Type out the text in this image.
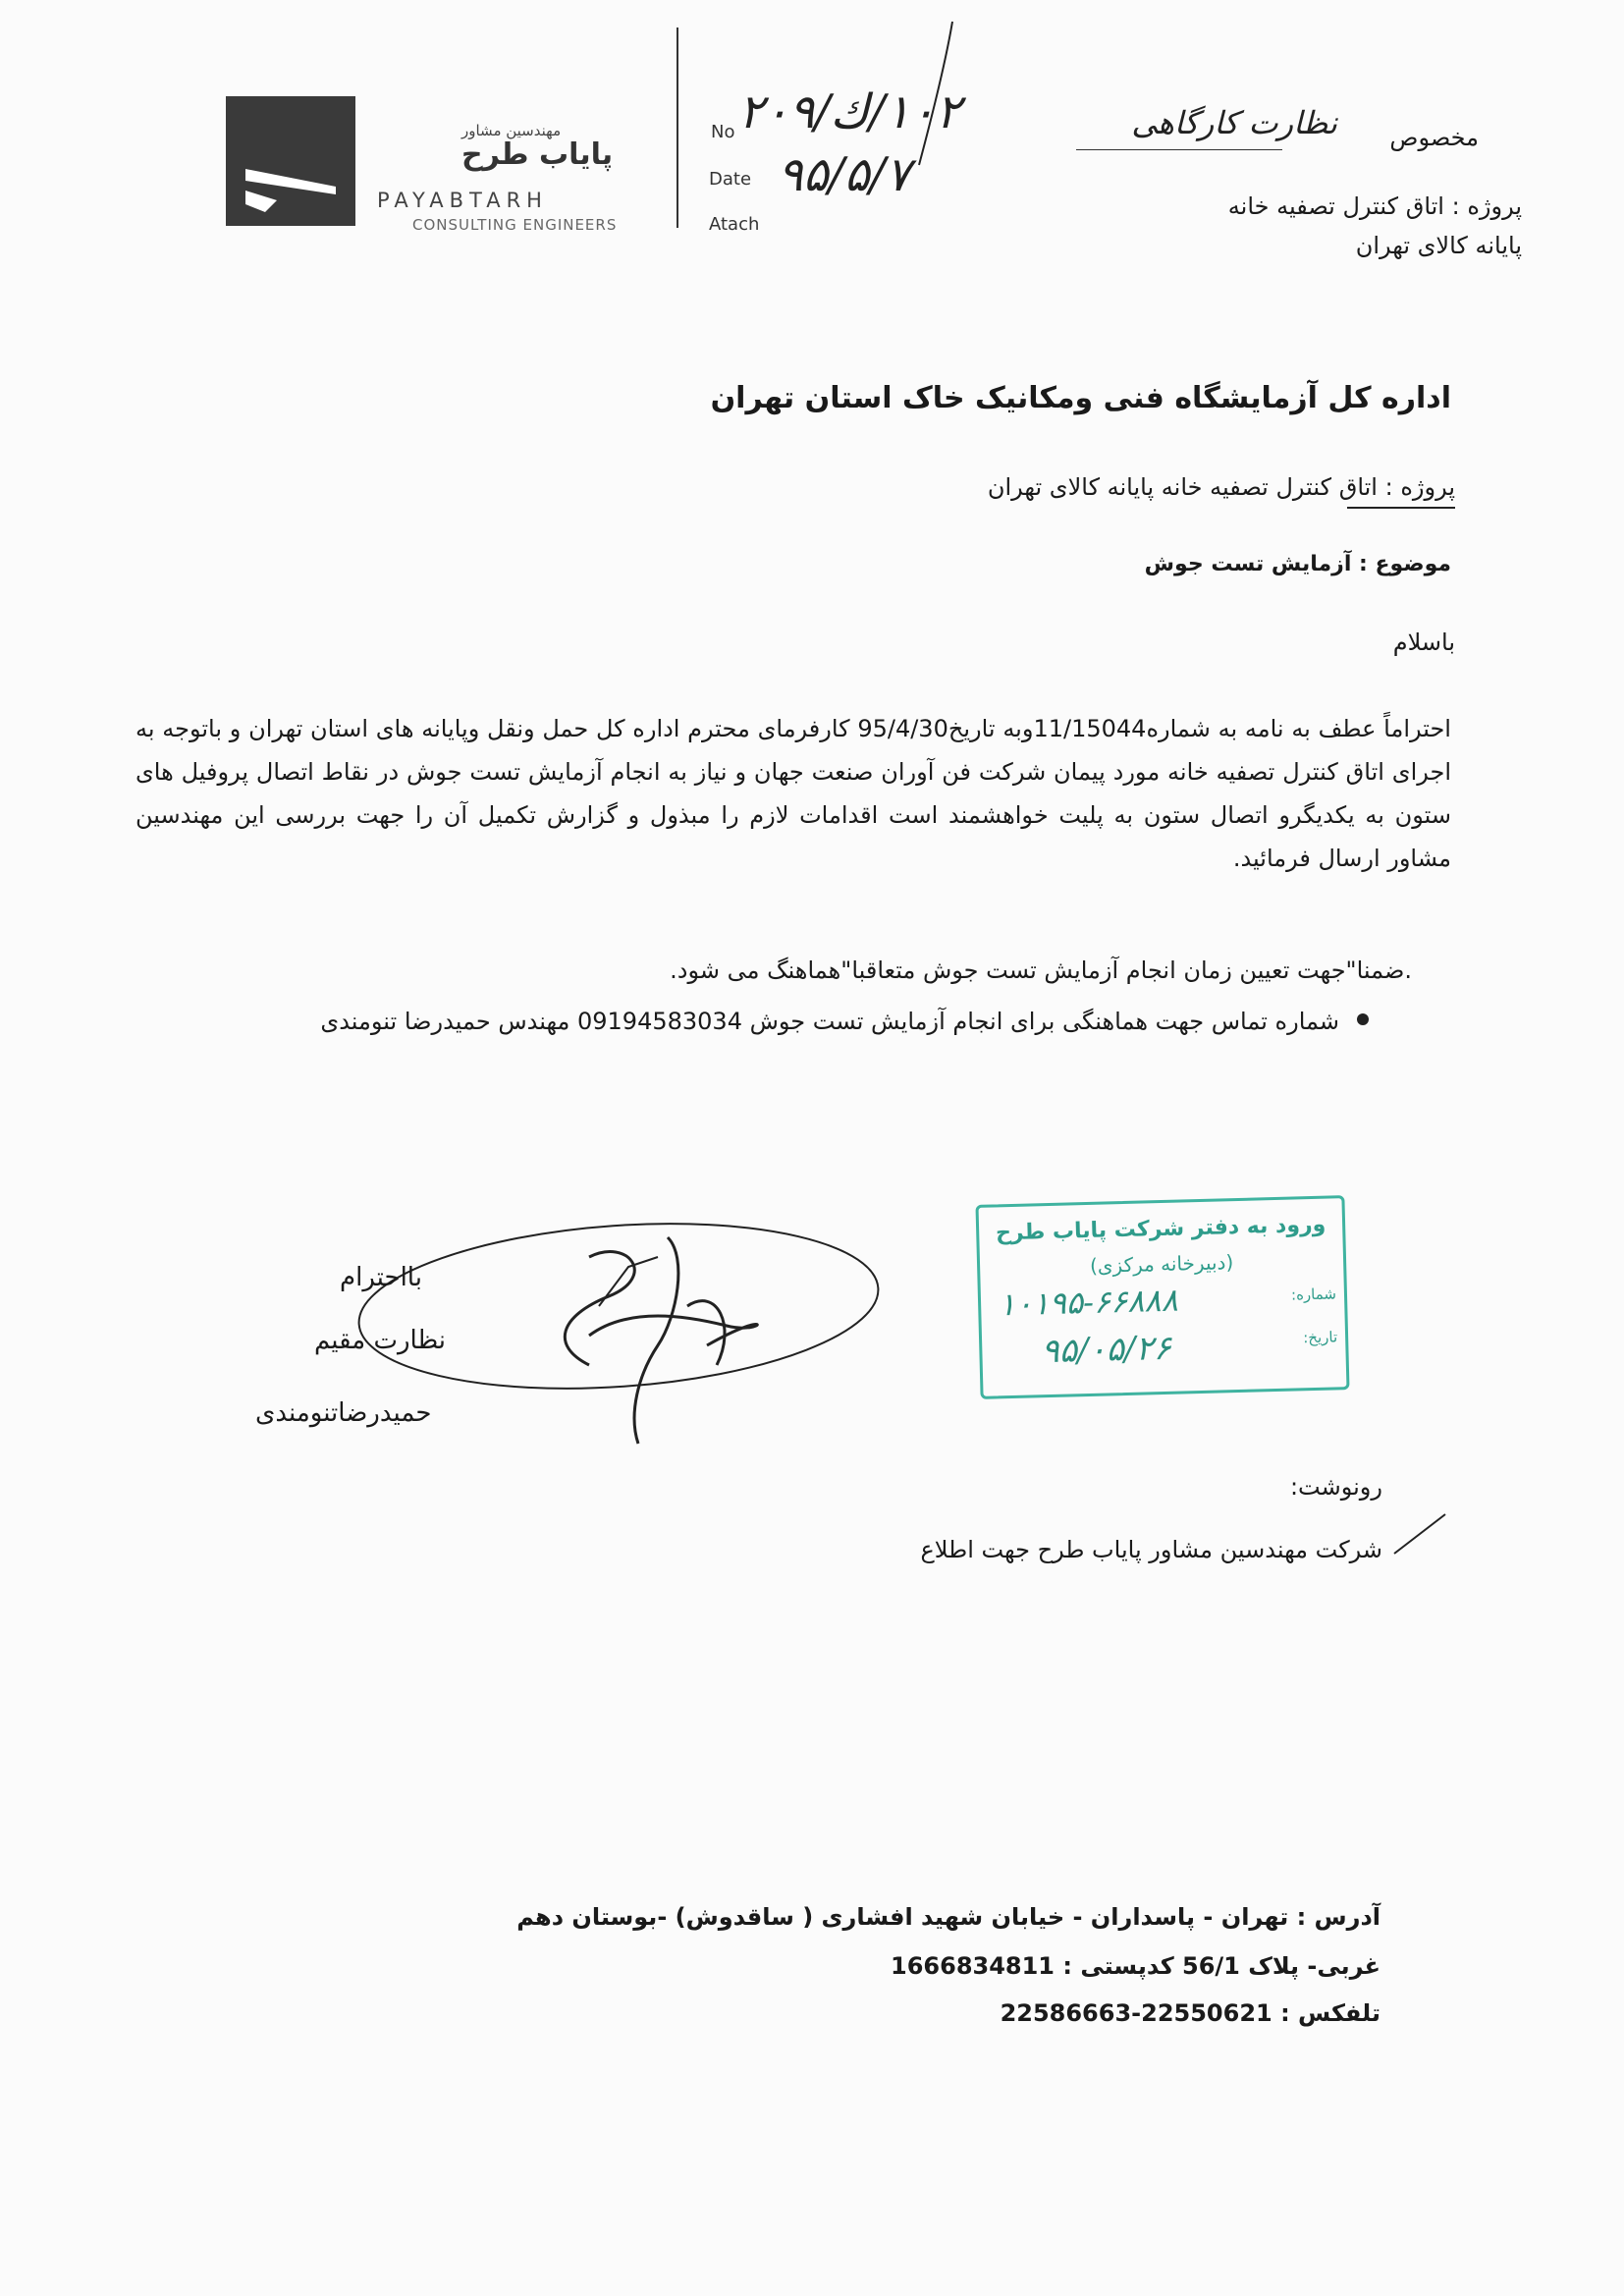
مهندسین مشاور
پایاب طرح
PAYABTARH
CONSULTING ENGINEERS
No
Date
Atach
۱۰۲/ك/۲۰۹
۹۵/۵/۷
مخصوص
نظارت کارگاهی
پروژه : اتاق کنترل تصفیه خانه
پایانه کالای تهران
اداره کل آزمایشگاه فنی ومکانیک خاک استان تهران
پروژه : اتاق کنترل تصفیه خانه پایانه کالای تهران
موضوع : آزمایش تست جوش
باسلام
احتراماً عطف به نامه به شماره11/15044وبه تاریخ95/4/30 کارفرمای محترم اداره کل حمل ونقل وپایانه های استان تهران و باتوجه به اجرای اتاق کنترل تصفیه خانه مورد پیمان شرکت فن آوران صنعت جهان و نیاز به انجام آزمایش تست جوش در نقاط اتصال پروفیل های ستون به یکدیگرو اتصال ستون به پلیت خواهشمند است اقدامات لازم را مبذول و گزارش تکمیل آن را جهت بررسی این مهندسین مشاور ارسال فرمائید.
.ضمنا"جهت تعیین زمان انجام آزمایش تست جوش متعاقبا"هماهنگ می شود.
شماره تماس جهت هماهنگی برای انجام آزمایش تست جوش 09194583034 مهندس حمیدرضا تنومندی
بااحترام
نظارت مقیم
حمیدرضاتنومندی
ورود به دفتر شرکت پایاب طرح
(دبیرخانه مرکزی)
شماره:
تاریخ:
۱۰۱۹۵-۶۶۸۸۸
۹۵/۰۵/۲۶
رونوشت:
شرکت مهندسین مشاور پایاب طرح جهت اطلاع
آدرس : تهران - پاسداران - خیابان شهید افشاری ( ساقدوش) -بوستان دهم
غربی- پلاک 56/1 کدپستی : 1666834811
تلفکس : 22550621-22586663
